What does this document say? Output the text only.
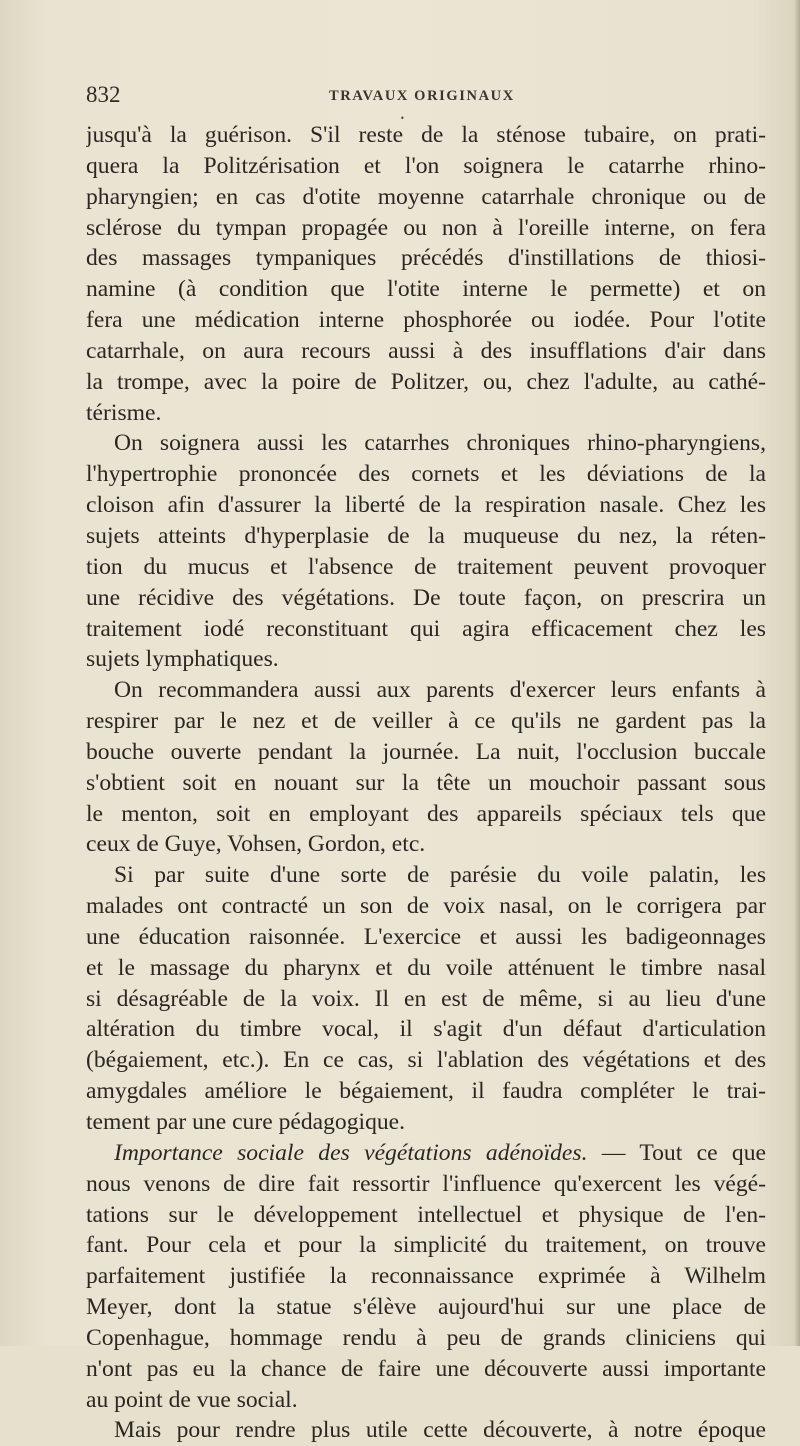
832	TRAVAUX ORIGINAUX
•
jusqu'à la guérison. S'il reste de la sténose tubaire, on prati-
quera la Politzérisation et l'on soignera le catarrhe rhino-
pharyngien; en cas d'otite moyenne catarrhale chronique ou de
sclérose du tympan propagée ou non à l'oreille interne, on fera
des massages tympaniques précédés d'instillations de thiosi-
namine (à condition que l'otite interne le permette) et on
fera une médication interne phosphorée ou iodée. Pour l'otite
catarrhale, on aura recours aussi à des insufflations d'air dans
la trompe, avec la poire de Politzer, ou, chez l'adulte, au cathé-
térisme.
On soignera aussi les catarrhes chroniques rhino-pharyngiens,
l'hypertrophie prononcée des cornets et les déviations de la
cloison afin d'assurer la liberté de la respiration nasale. Chez les
sujets atteints d'hyperplasie de la muqueuse du nez, la réten-
tion du mucus et l'absence de traitement peuvent provoquer
une récidive des végétations. De toute façon, on prescrira un
traitement iodé reconstituant qui agira efficacement chez les
sujets lymphatiques.
On recommandera aussi aux parents d'exercer leurs enfants à
respirer par le nez et de veiller à ce qu'ils ne gardent pas la
bouche ouverte pendant la journée. La nuit, l'occlusion buccale
s'obtient soit en nouant sur la tête un mouchoir passant sous
le menton, soit en employant des appareils spéciaux tels que
ceux de Guye, Vohsen, Gordon, etc.
Si par suite d'une sorte de parésie du voile palatin, les
malades ont contracté un son de voix nasal, on le corrigera par
une éducation raisonnée. L'exercice et aussi les badigeonnages
et le massage du pharynx et du voile atténuent le timbre nasal
si désagréable de la voix. Il en est de même, si au lieu d'une
altération du timbre vocal, il s'agit d'un défaut d'articulation
(bégaiement, etc.). En ce cas, si l'ablation des végétations et des
amygdales améliore le bégaiement, il faudra compléter le trai-
tement par une cure pédagogique.
Importance sociale des végétations adénoïdes. — Tout ce que
nous venons de dire fait ressortir l'influence qu'exercent les végé-
tations sur le développement intellectuel et physique de l'en-
fant. Pour cela et pour la simplicité du traitement, on trouve
parfaitement justifiée la reconnaissance exprimée à Wilhelm
Meyer, dont la statue s'élève aujourd'hui sur une place de
Copenhague, hommage rendu à peu de grands cliniciens qui
n'ont pas eu la chance de faire une découverte aussi importante
au point de vue social.
Mais pour rendre plus utile cette découverte, à notre époque
